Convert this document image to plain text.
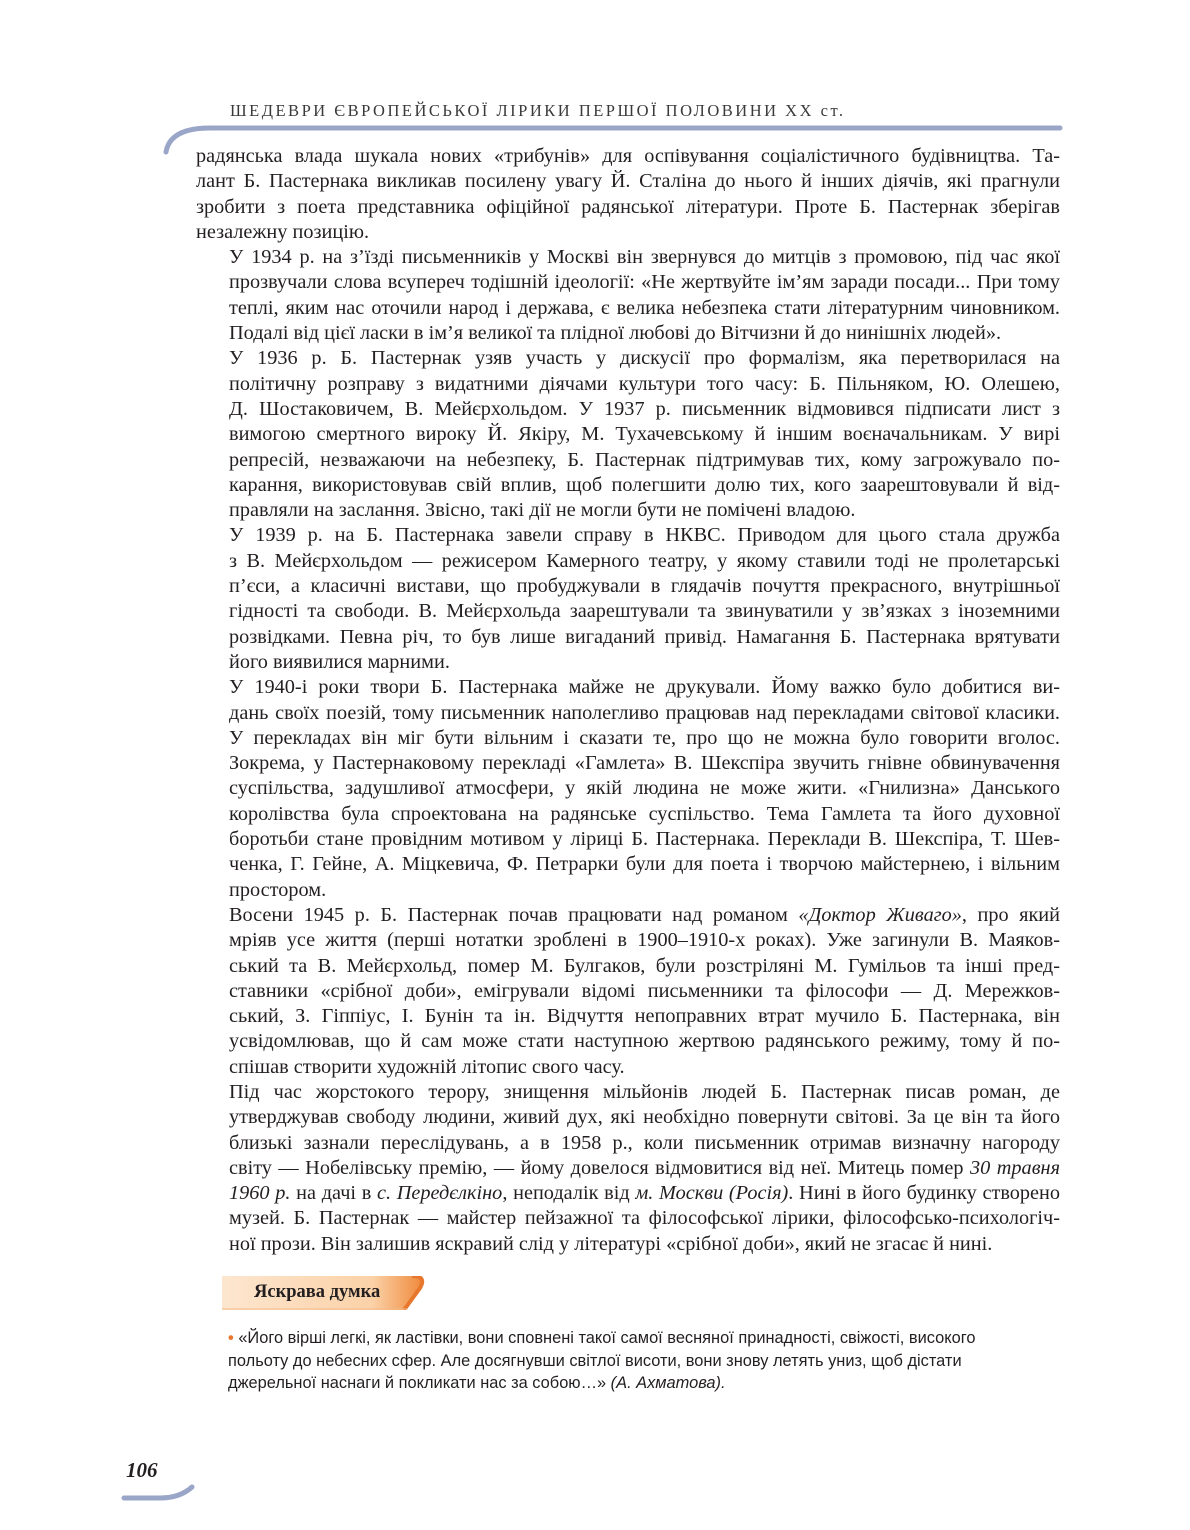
ШЕДЕВРИ ЄВРОПЕЙСЬКОЇ ЛІРИКИ ПЕРШОЇ ПОЛОВИНИ XX ст.

радянська влада шукала нових «трибунів» для оспівування соціалістичного будівництва. Та-
лант Б. Пастернака викликав посилену увагу Й. Сталіна до нього й інших діячів, які прагнули
зробити з поета представника офіційної радянської літератури. Проте Б. Пастернак зберігав
незалежну позицію.

У 1934 р. на з’їзді письменників у Москві він звернувся до митців з промовою, під час якої
прозвучали слова всупереч тодішній ідеології: «Не жертвуйте ім’ям заради посади... При тому
теплі, яким нас оточили народ і держава, є велика небезпека стати літературним чиновником.
Подалі від цієї ласки в ім’я великої та плідної любові до Вітчизни й до нинішніх людей».

У 1936 р. Б. Пастернак узяв участь у дискусії про формалізм, яка перетворилася на
політичну розправу з видатними діячами культури того часу: Б. Пільняком, Ю. Олешею,
Д. Шостаковичем, В. Мейєрхольдом. У 1937 р. письменник відмовився підписати лист з
вимогою смертного вироку Й. Якіру, М. Тухачевському й іншим воєначальникам. У вирі
репресій, незважаючи на небезпеку, Б. Пастернак підтримував тих, кому загрожувало по-
карання, використовував свій вплив, щоб полегшити долю тих, кого заарештовували й від-
правляли на заслання. Звісно, такі дії не могли бути не помічені владою.

У 1939 р. на Б. Пастернака завели справу в НКВС. Приводом для цього стала дружба
з В. Мейєрхольдом — режисером Камерного театру, у якому ставили тоді не пролетарські
п’єси, а класичні вистави, що пробуджували в глядачів почуття прекрасного, внутрішньої
гідності та свободи. В. Мейєрхольда заарештували та звинуватили у зв’язках з іноземними
розвідками. Певна річ, то був лише вигаданий привід. Намагання Б. Пастернака врятувати
його виявилися марними.

У 1940-і роки твори Б. Пастернака майже не друкували. Йому важко було добитися ви-
дань своїх поезій, тому письменник наполегливо працював над перекладами світової класики.
У перекладах він міг бути вільним і сказати те, про що не можна було говорити вголос.
Зокрема, у Пастернаковому перекладі «Гамлета» В. Шекспіра звучить гнівне обвинувачення
суспільства, задушливої атмосфери, у якій людина не може жити. «Гнилизна» Данського
королівства була спроектована на радянське суспільство. Тема Гамлета та його духовної
боротьби стане провідним мотивом у ліриці Б. Пастернака. Переклади В. Шекспіра, Т. Шев-
ченка, Г. Гейне, А. Міцкевича, Ф. Петрарки були для поета і творчою майстернею, і вільним
простором.

Восени 1945 р. Б. Пастернак почав працювати над романом «Доктор Живаго», про який
мріяв усе життя (перші нотатки зроблені в 1900–1910-х роках). Уже загинули В. Маяков-
ський та В. Мейєрхольд, помер М. Булгаков, були розстріляні М. Гумільов та інші пред-
ставники «срібної доби», емігрували відомі письменники та філософи — Д. Мережков-
ський, З. Гіппіус, І. Бунін та ін. Відчуття непоправних втрат мучило Б. Пастернака, він
усвідомлював, що й сам може стати наступною жертвою радянського режиму, тому й по-
спішав створити художній літопис свого часу.

Під час жорстокого терору, знищення мільйонів людей Б. Пастернак писав роман, де
утверджував свободу людини, живий дух, які необхідно повернути світові. За це він та його
близькі зазнали переслідувань, а в 1958 р., коли письменник отримав визначну нагороду
світу — Нобелівську премію, — йому довелося відмовитися від неї. Митець помер 30 травня
1960 р. на дачі в с. Передєлкіно, неподалік від м. Москви (Росія). Нині в його будинку створено
музей. Б. Пастернак — майстер пейзажної та філософської лірики, філософсько-психологіч-
ної прози. Він залишив яскравий слід у літературі «срібної доби», який не згасає й нині.

Яскрава думка
• «Його вірші легкі, як ластівки, вони сповнені такої самої весняної принадності, свіжості, високого
польоту до небесних сфер. Але досягнувши світлої висоти, вони знову летять униз, щоб дістати
джерельної наснаги й покликати нас за собою…» (А. Ахматова).
106
